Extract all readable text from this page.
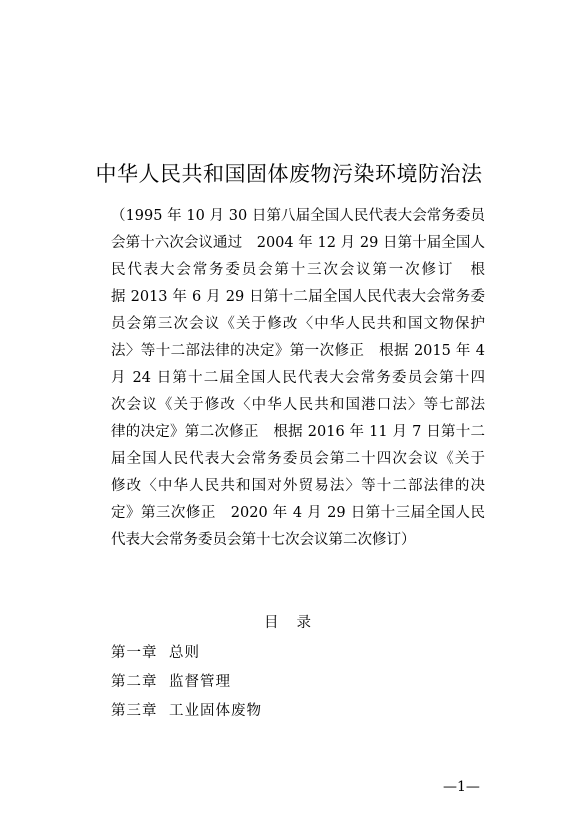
中华人民共和国固体废物污染环境防治法
（1995 年 10 月 30 日第八届全国人民代表大会常务委员
会第十六次会议通过　2004 年 12 月 29 日第十届全国人
民代表大会常务委员会第十三次会议第一次修订　根
据 2013 年 6 月 29 日第十二届全国人民代表大会常务委
员会第三次会议《关于修改〈中华人民共和国文物保护
法〉等十二部法律的决定》第一次修正　根据 2015 年 4
月 24 日第十二届全国人民代表大会常务委员会第十四
次会议《关于修改〈中华人民共和国港口法〉等七部法
律的决定》第二次修正　根据 2016 年 11 月 7 日第十二
届全国人民代表大会常务委员会第二十四次会议《关于
修改〈中华人民共和国对外贸易法〉等十二部法律的决
定》第三次修正　2020 年 4 月 29 日第十三届全国人民
代表大会常务委员会第十七次会议第二次修订）
目录
第一章 总则
第二章 监督管理
第三章 工业固体废物
—1—
